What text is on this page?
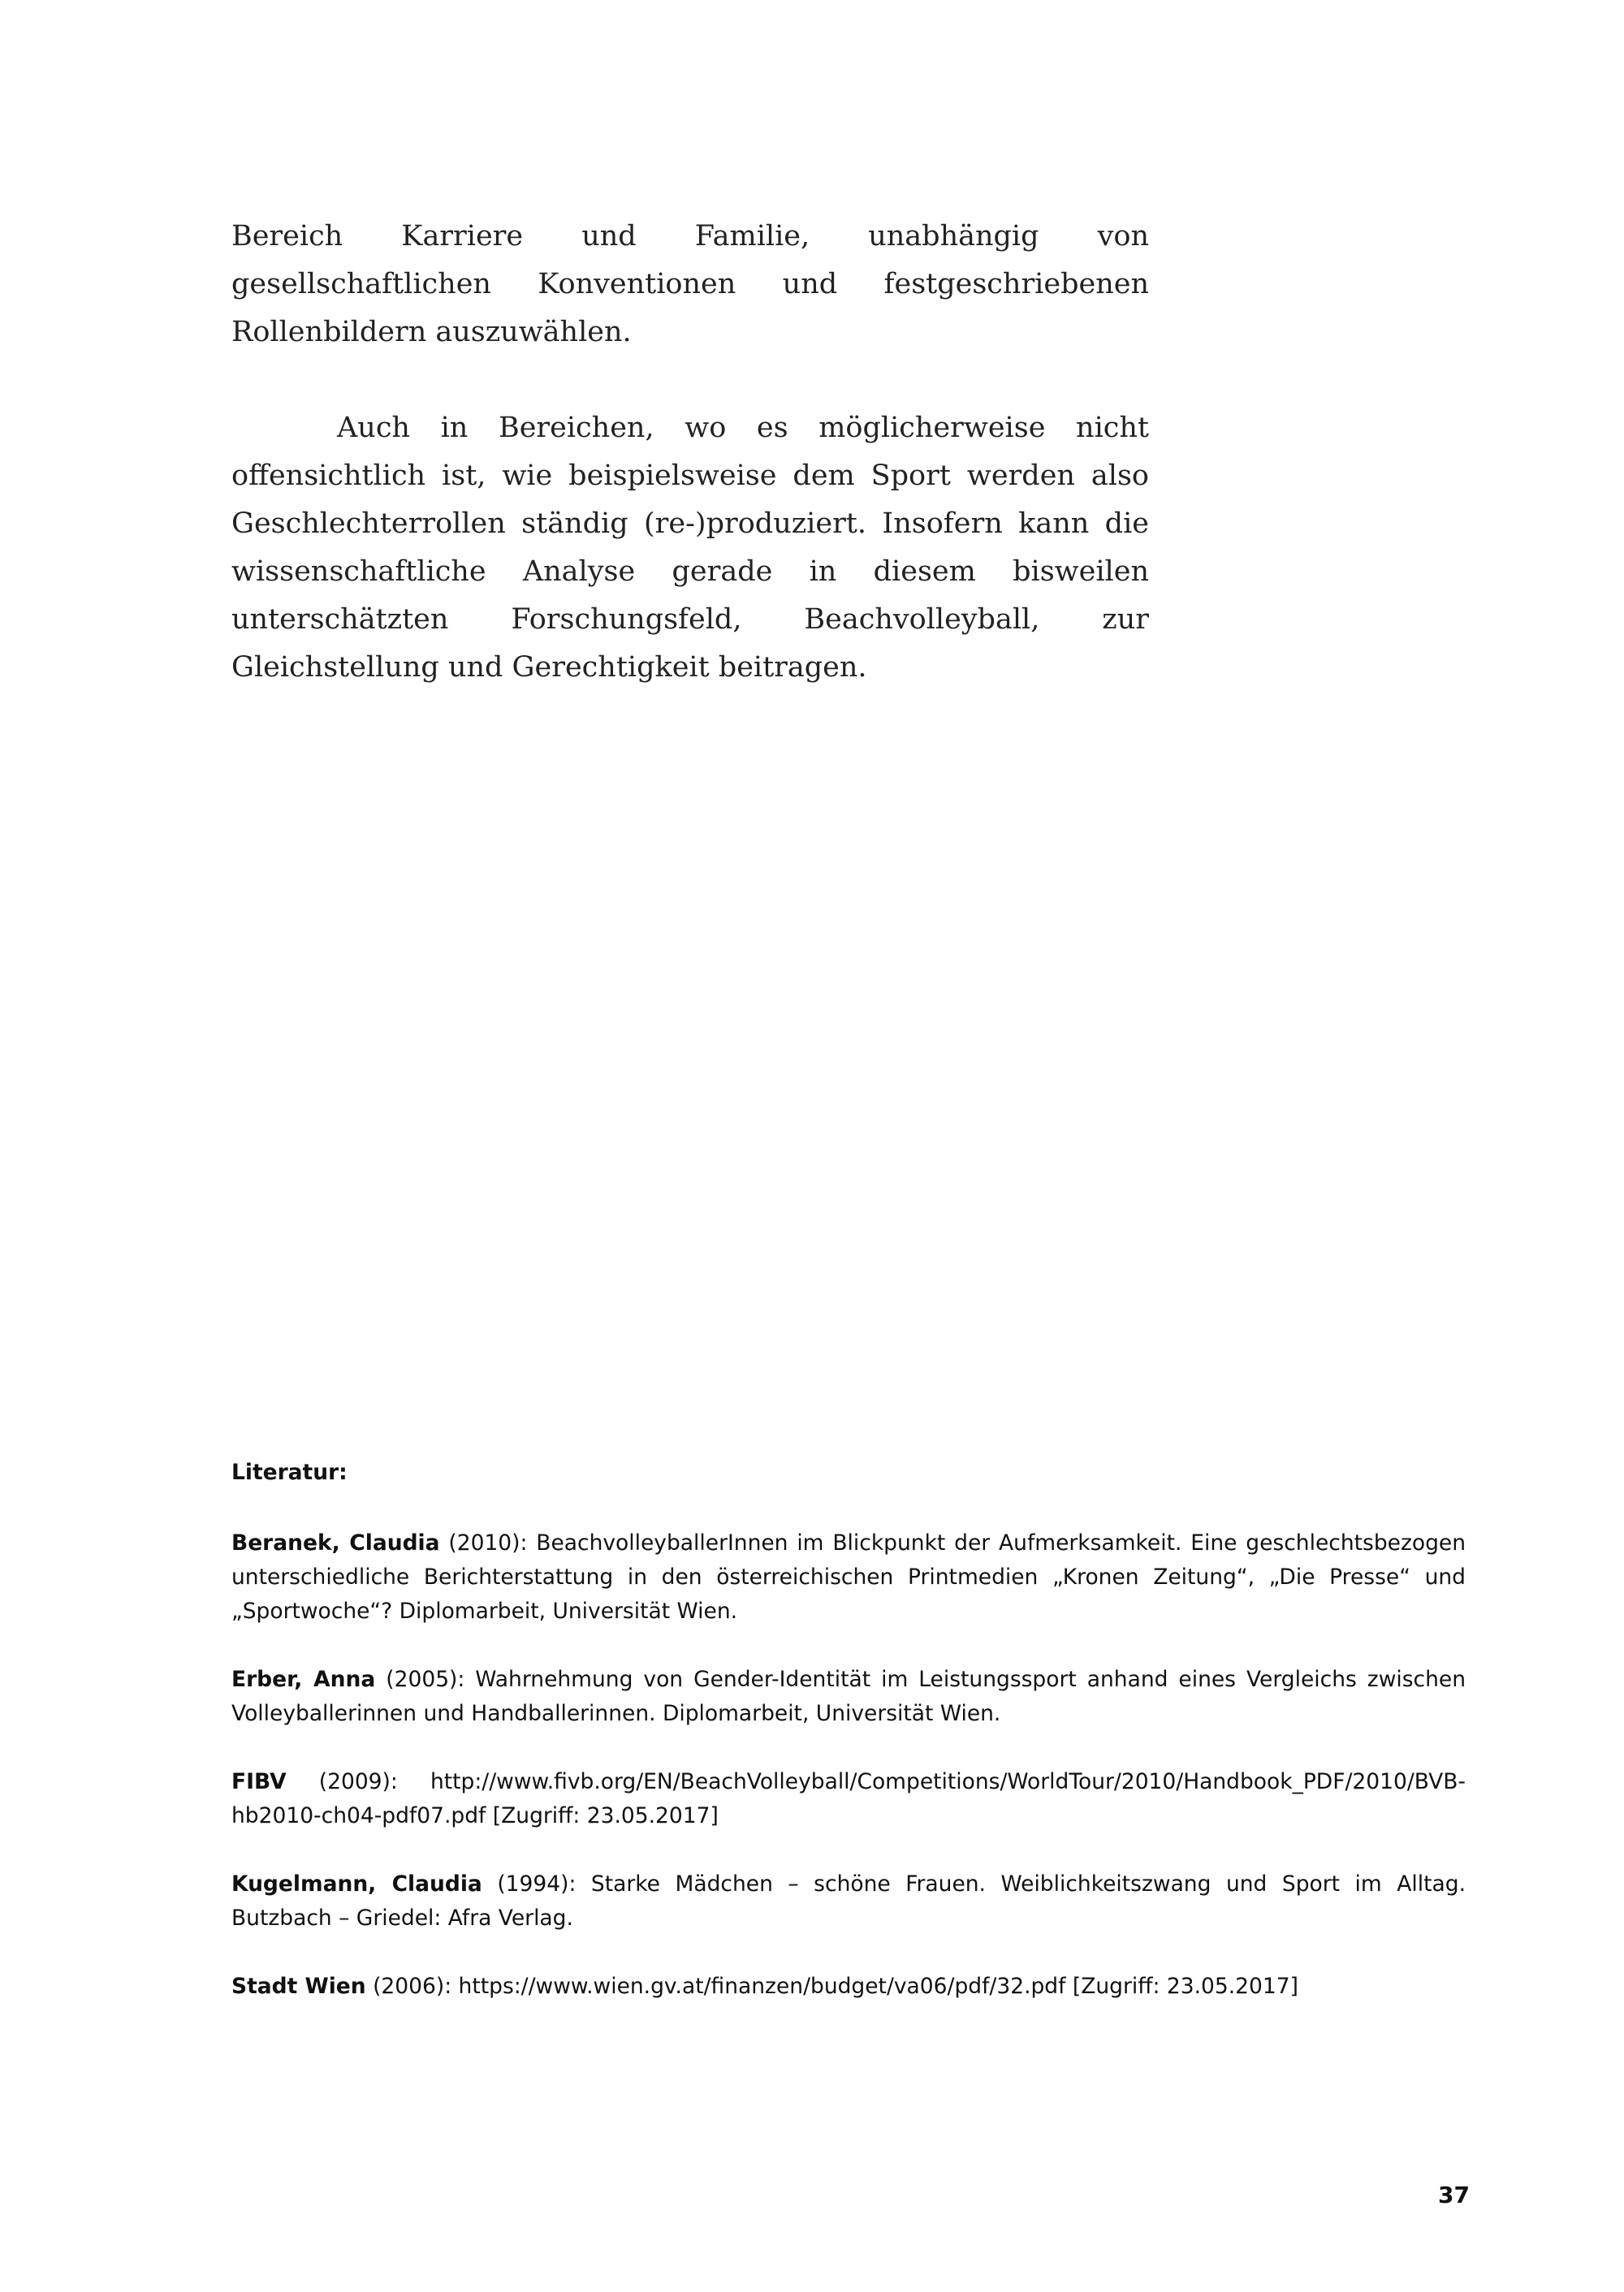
Bereich Karriere und Familie, unabhängig von gesellschaftlichen Konventionen und festgeschriebenen Rollenbildern auszuwählen.

Auch in Bereichen, wo es möglicherweise nicht offensichtlich ist, wie beispielsweise dem Sport werden also Geschlechterrollen ständig (re-)produziert. Insofern kann die wissenschaftliche Analyse gerade in diesem bisweilen unterschätzten Forschungsfeld, Beachvolleyball, zur Gleichstellung und Gerechtigkeit beitragen.

Literatur:

Beranek, Claudia (2010): BeachvolleyballerInnen im Blickpunkt der Aufmerksamkeit. Eine geschlechtsbezogen unterschiedliche Berichterstattung in den österreichischen Printmedien „Kronen Zeitung“, „Die Presse“ und „Sportwoche“? Diplomarbeit, Universität Wien.

Erber, Anna (2005): Wahrnehmung von Gender-Identität im Leistungssport anhand eines Vergleichs zwischen Volleyballerinnen und Handballerinnen. Diplomarbeit, Universität Wien.

FIBV (2009): http://www.fivb.org/EN/BeachVolleyball/Competitions/WorldTour/2010/Handbook_PDF/2010/BVB-hb2010-ch04-pdf07.pdf [Zugriff: 23.05.2017]

Kugelmann, Claudia (1994): Starke Mädchen – schöne Frauen. Weiblichkeitszwang und Sport im Alltag. Butzbach – Griedel: Afra Verlag.

Stadt Wien (2006): https://www.wien.gv.at/finanzen/budget/va06/pdf/32.pdf [Zugriff: 23.05.2017]

37
